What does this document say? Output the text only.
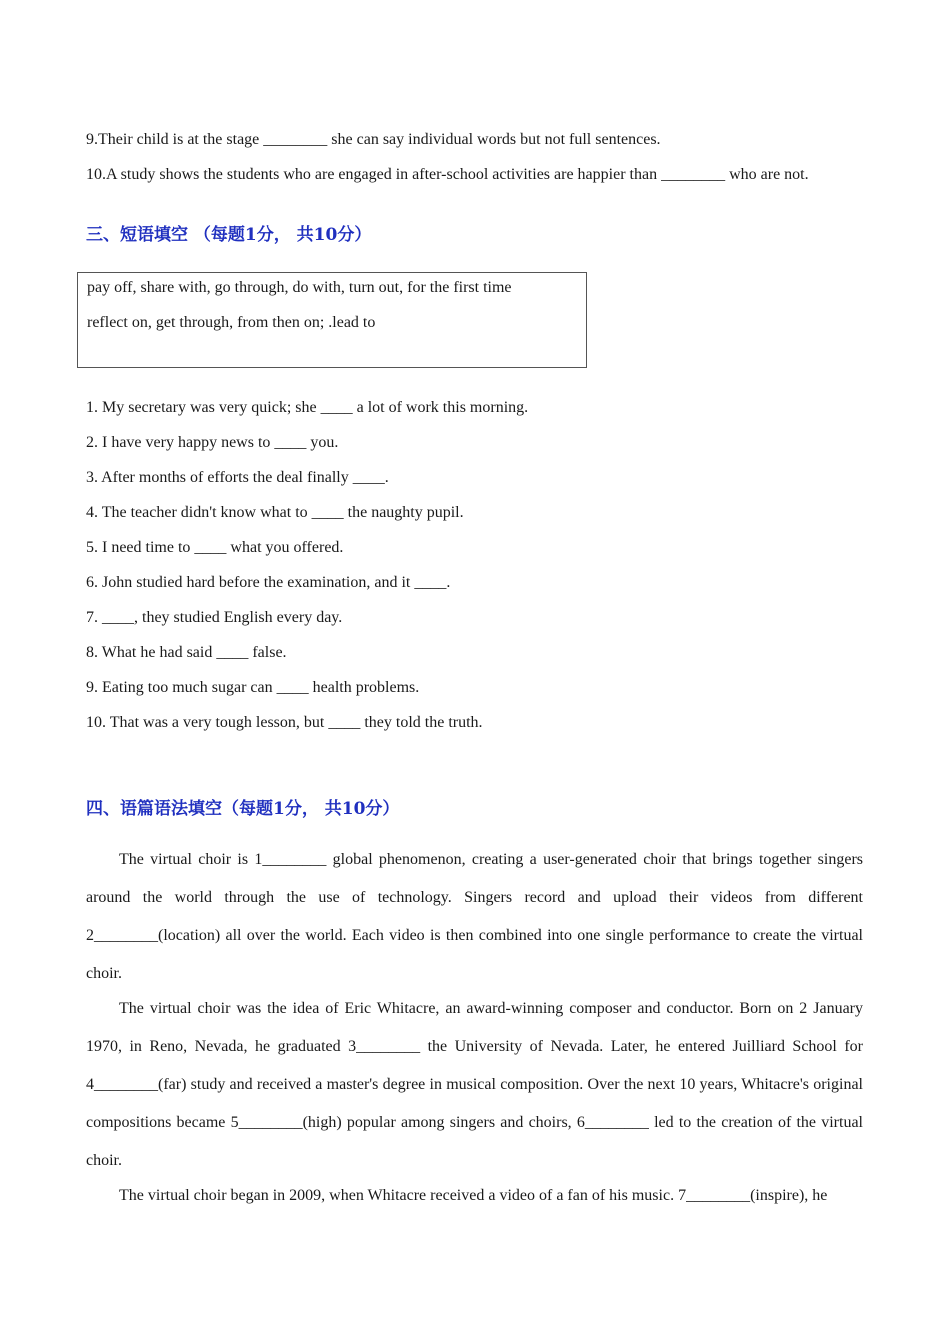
9.Their child is at the stage ________ she can say individual words but not full sentences.
10.A study shows the students who are engaged in after-school activities are happier than ________ who are not.
三、短语填空 （每题1分， 共10分）
pay off, share with, go through, do with, turn out, for the first time
reflect on, get through, from then on; .lead to
1. My secretary was very quick; she ____ a lot of work this morning.
2. I have very happy news to ____ you.
3. After months of efforts the deal finally ____.
4. The teacher didn't know what to ____ the naughty pupil.
5. I need time to ____ what you offered.
6. John studied hard before the examination, and it ____.
7. ____, they studied English every day.
8. What he had said ____ false.
9. Eating too much sugar can ____ health problems.
10. That was a very tough lesson, but ____ they told the truth.
四、语篇语法填空（每题1分， 共10分）
The virtual choir is 1________ global phenomenon, creating a user-generated choir that brings together singers around the world through the use of technology. Singers record and upload their videos from different 2________(location) all over the world. Each video is then combined into one single performance to create the virtual choir.
The virtual choir was the idea of Eric Whitacre, an award-winning composer and conductor. Born on 2 January 1970, in Reno, Nevada, he graduated 3________ the University of Nevada. Later, he entered Juilliard School for 4________(far) study and received a master's degree in musical composition. Over the next 10 years, Whitacre's original compositions became 5________(high) popular among singers and choirs, 6________ led to the creation of the virtual choir.
The virtual choir began in 2009, when Whitacre received a video of a fan of his music. 7________(inspire), he
